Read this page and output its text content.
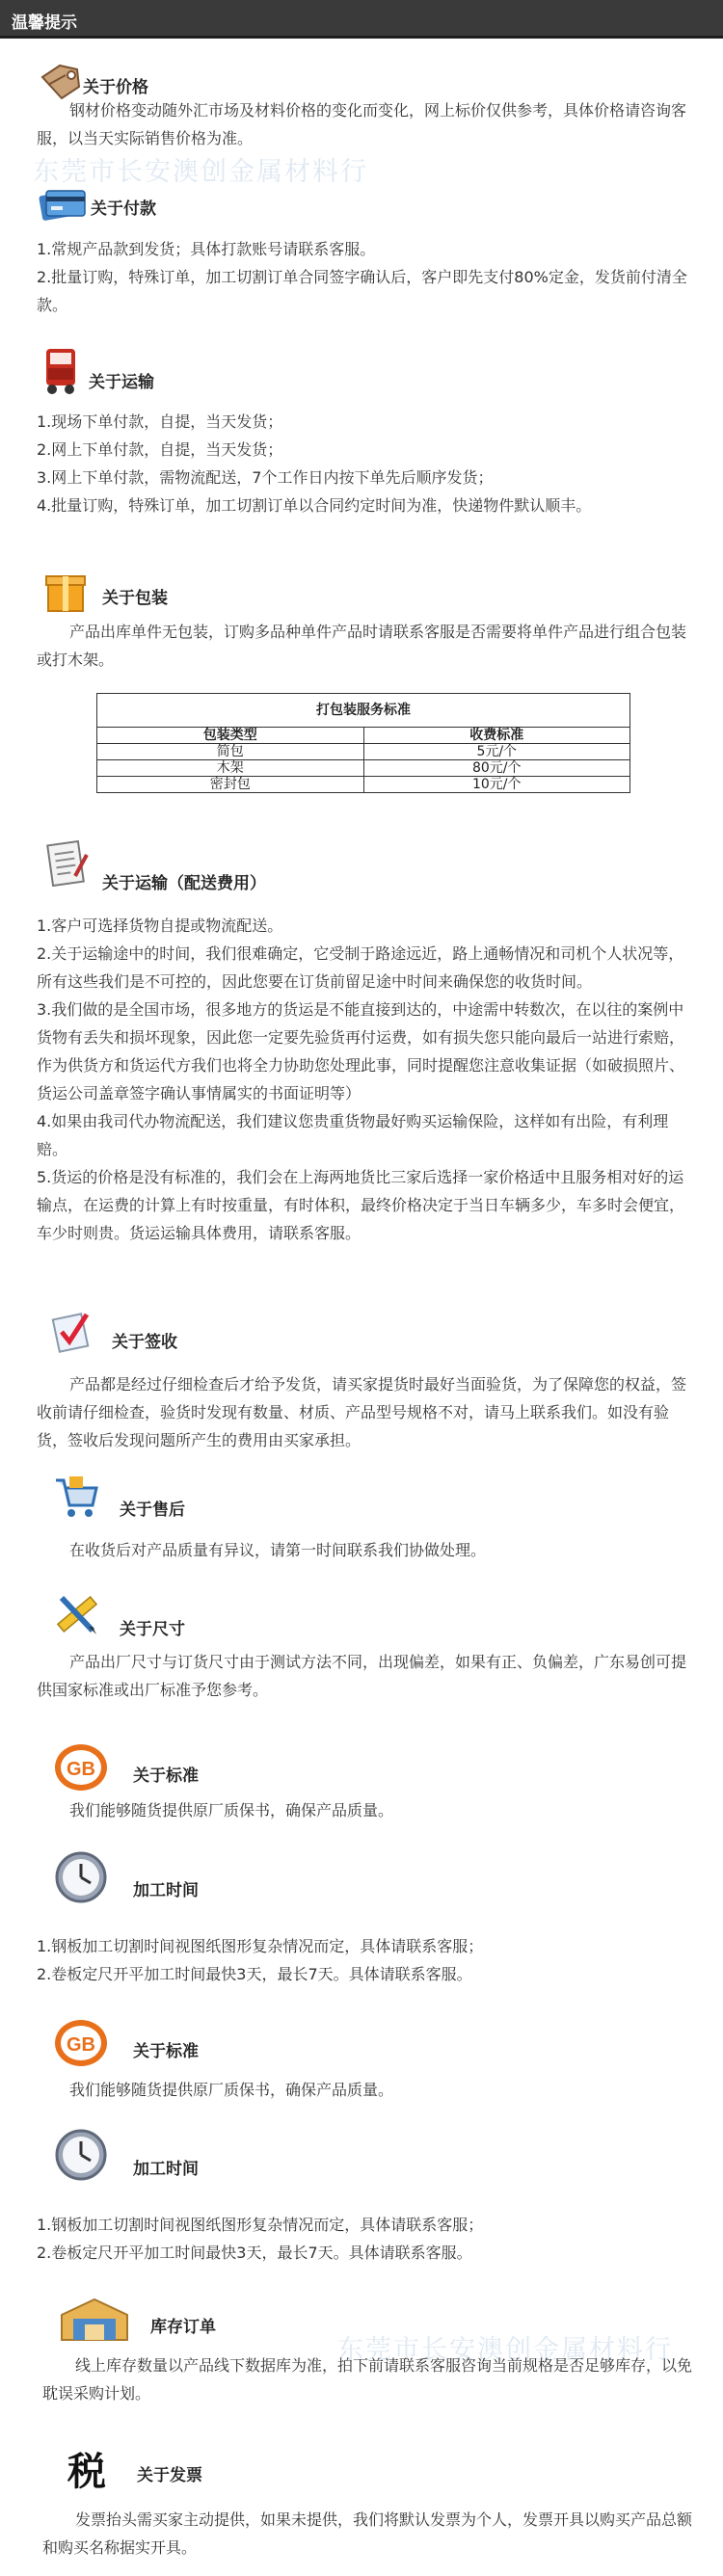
温馨提示
东莞市长安澳创金属材料行
东莞市长安澳创金属材料行
关于价格

钢材价格变动随外汇市场及材料价格的变化而变化，网上标价仅供参考，具体价格请咨询客服，以当天实际销售价格为准。

关于付款
1.常规产品款到发货；具体打款账号请联系客服。
2.批量订购，特殊订单，加工切割订单合同签字确认后，客户即先支付80%定金，发货前付清全款。
关于运输
1.现场下单付款，自提，当天发货；
2.网上下单付款，自提，当天发货；
3.网上下单付款，需物流配送，7个工作日内按下单先后顺序发货；
4.批量订购，特殊订单，加工切割订单以合同约定时间为准，快递物件默认顺丰。
关于包装

产品出库单件无包装，订购多品种单件产品时请联系客服是否需要将单件产品进行组合包装或打木架。

打包装服务标准	
包装类型	收费标准
简包	5元/个
木架	80元/个
密封包	10元/个
关于运输（配送费用）
1.客户可选择货物自提或物流配送。
2.关于运输途中的时间，我们很难确定，它受制于路途远近，路上通畅情况和司机个人状况等，所有这些我们是不可控的，因此您要在订货前留足途中时间来确保您的收货时间。
3.我们做的是全国市场，很多地方的货运是不能直接到达的，中途需中转数次，在以往的案例中货物有丢失和损坏现象，因此您一定要先验货再付运费，如有损失您只能向最后一站进行索赔，作为供货方和货运代方我们也将全力协助您处理此事，同时提醒您注意收集证据（如破损照片、货运公司盖章签字确认事情属实的书面证明等）
4.如果由我司代办物流配送，我们建议您贵重货物最好购买运输保险，这样如有出险，有利理赔。
5.货运的价格是没有标准的，我们会在上海两地货比三家后选择一家价格适中且服务相对好的运输点，在运费的计算上有时按重量，有时体积，最终价格决定于当日车辆多少，车多时会便宜，车少时则贵。货运运输具体费用，请联系客服。
关于签收

产品都是经过仔细检查后才给予发货，请买家提货时最好当面验货，为了保障您的权益，签收前请仔细检查，验货时发现有数量、材质、产品型号规格不对，请马上联系我们。如没有验货，签收后发现问题所产生的费用由买家承担。

关于售后

在收货后对产品质量有异议，请第一时间联系我们协做处理。

关于尺寸

产品出厂尺寸与订货尺寸由于测试方法不同，出现偏差，如果有正、负偏差，广东易创可提供国家标准或出厂标准予您参考。

GB 关于标准

我们能够随货提供原厂质保书，确保产品质量。

加工时间
1.钢板加工切割时间视图纸图形复杂情况而定，具体请联系客服；
2.卷板定尺开平加工时间最快3天，最长7天。具体请联系客服。
GB 关于标准

我们能够随货提供原厂质保书，确保产品质量。

加工时间
1.钢板加工切割时间视图纸图形复杂情况而定，具体请联系客服；
2.卷板定尺开平加工时间最快3天，最长7天。具体请联系客服。
库存订单

线上库存数量以产品线下数据库为准，拍下前请联系客服咨询当前规格是否足够库存，以免耽误采购计划。

税 关于发票

发票抬头需买家主动提供，如果未提供，我们将默认发票为个人，发票开具以购买产品总额和购买名称据实开具。
